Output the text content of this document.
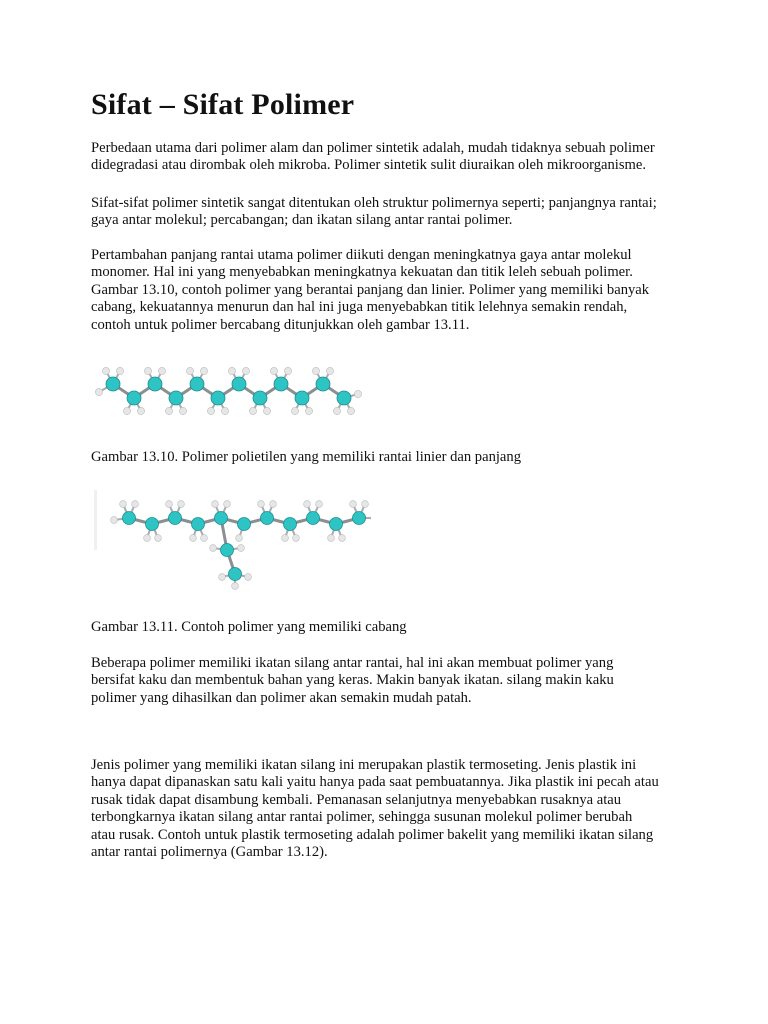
Sifat – Sifat Polimer

Perbedaan utama dari polimer alam dan polimer sintetik adalah, mudah tidaknya sebuah polimer
didegradasi atau dirombak oleh mikroba. Polimer sintetik sulit diuraikan oleh mikroorganisme.

Sifat-sifat polimer sintetik sangat ditentukan oleh struktur polimernya seperti; panjangnya rantai;
gaya antar molekul; percabangan; dan ikatan silang antar rantai polimer.

Pertambahan panjang rantai utama polimer diikuti dengan meningkatnya gaya antar molekul
monomer. Hal ini yang menyebabkan meningkatnya kekuatan dan titik leleh sebuah polimer.
Gambar 13.10, contoh polimer yang berantai panjang dan linier. Polimer yang memiliki banyak
cabang, kekuatannya menurun dan hal ini juga menyebabkan titik lelehnya semakin rendah,
contoh untuk polimer bercabang ditunjukkan oleh gambar 13.11.

Gambar 13.10. Polimer polietilen yang memiliki rantai linier dan panjang

Gambar 13.11. Contoh polimer yang memiliki cabang

Beberapa polimer memiliki ikatan silang antar rantai, hal ini akan membuat polimer yang
bersifat kaku dan membentuk bahan yang keras. Makin banyak ikatan. silang makin kaku
polimer yang dihasilkan dan polimer akan semakin mudah patah.

Jenis polimer yang memiliki ikatan silang ini merupakan plastik termoseting. Jenis plastik ini
hanya dapat dipanaskan satu kali yaitu hanya pada saat pembuatannya. Jika plastik ini pecah atau
rusak tidak dapat disambung kembali. Pemanasan selanjutnya menyebabkan rusaknya atau
terbongkarnya ikatan silang antar rantai polimer, sehingga susunan molekul polimer berubah
atau rusak. Contoh untuk plastik termoseting adalah polimer bakelit yang memiliki ikatan silang
antar rantai polimernya (Gambar 13.12).
